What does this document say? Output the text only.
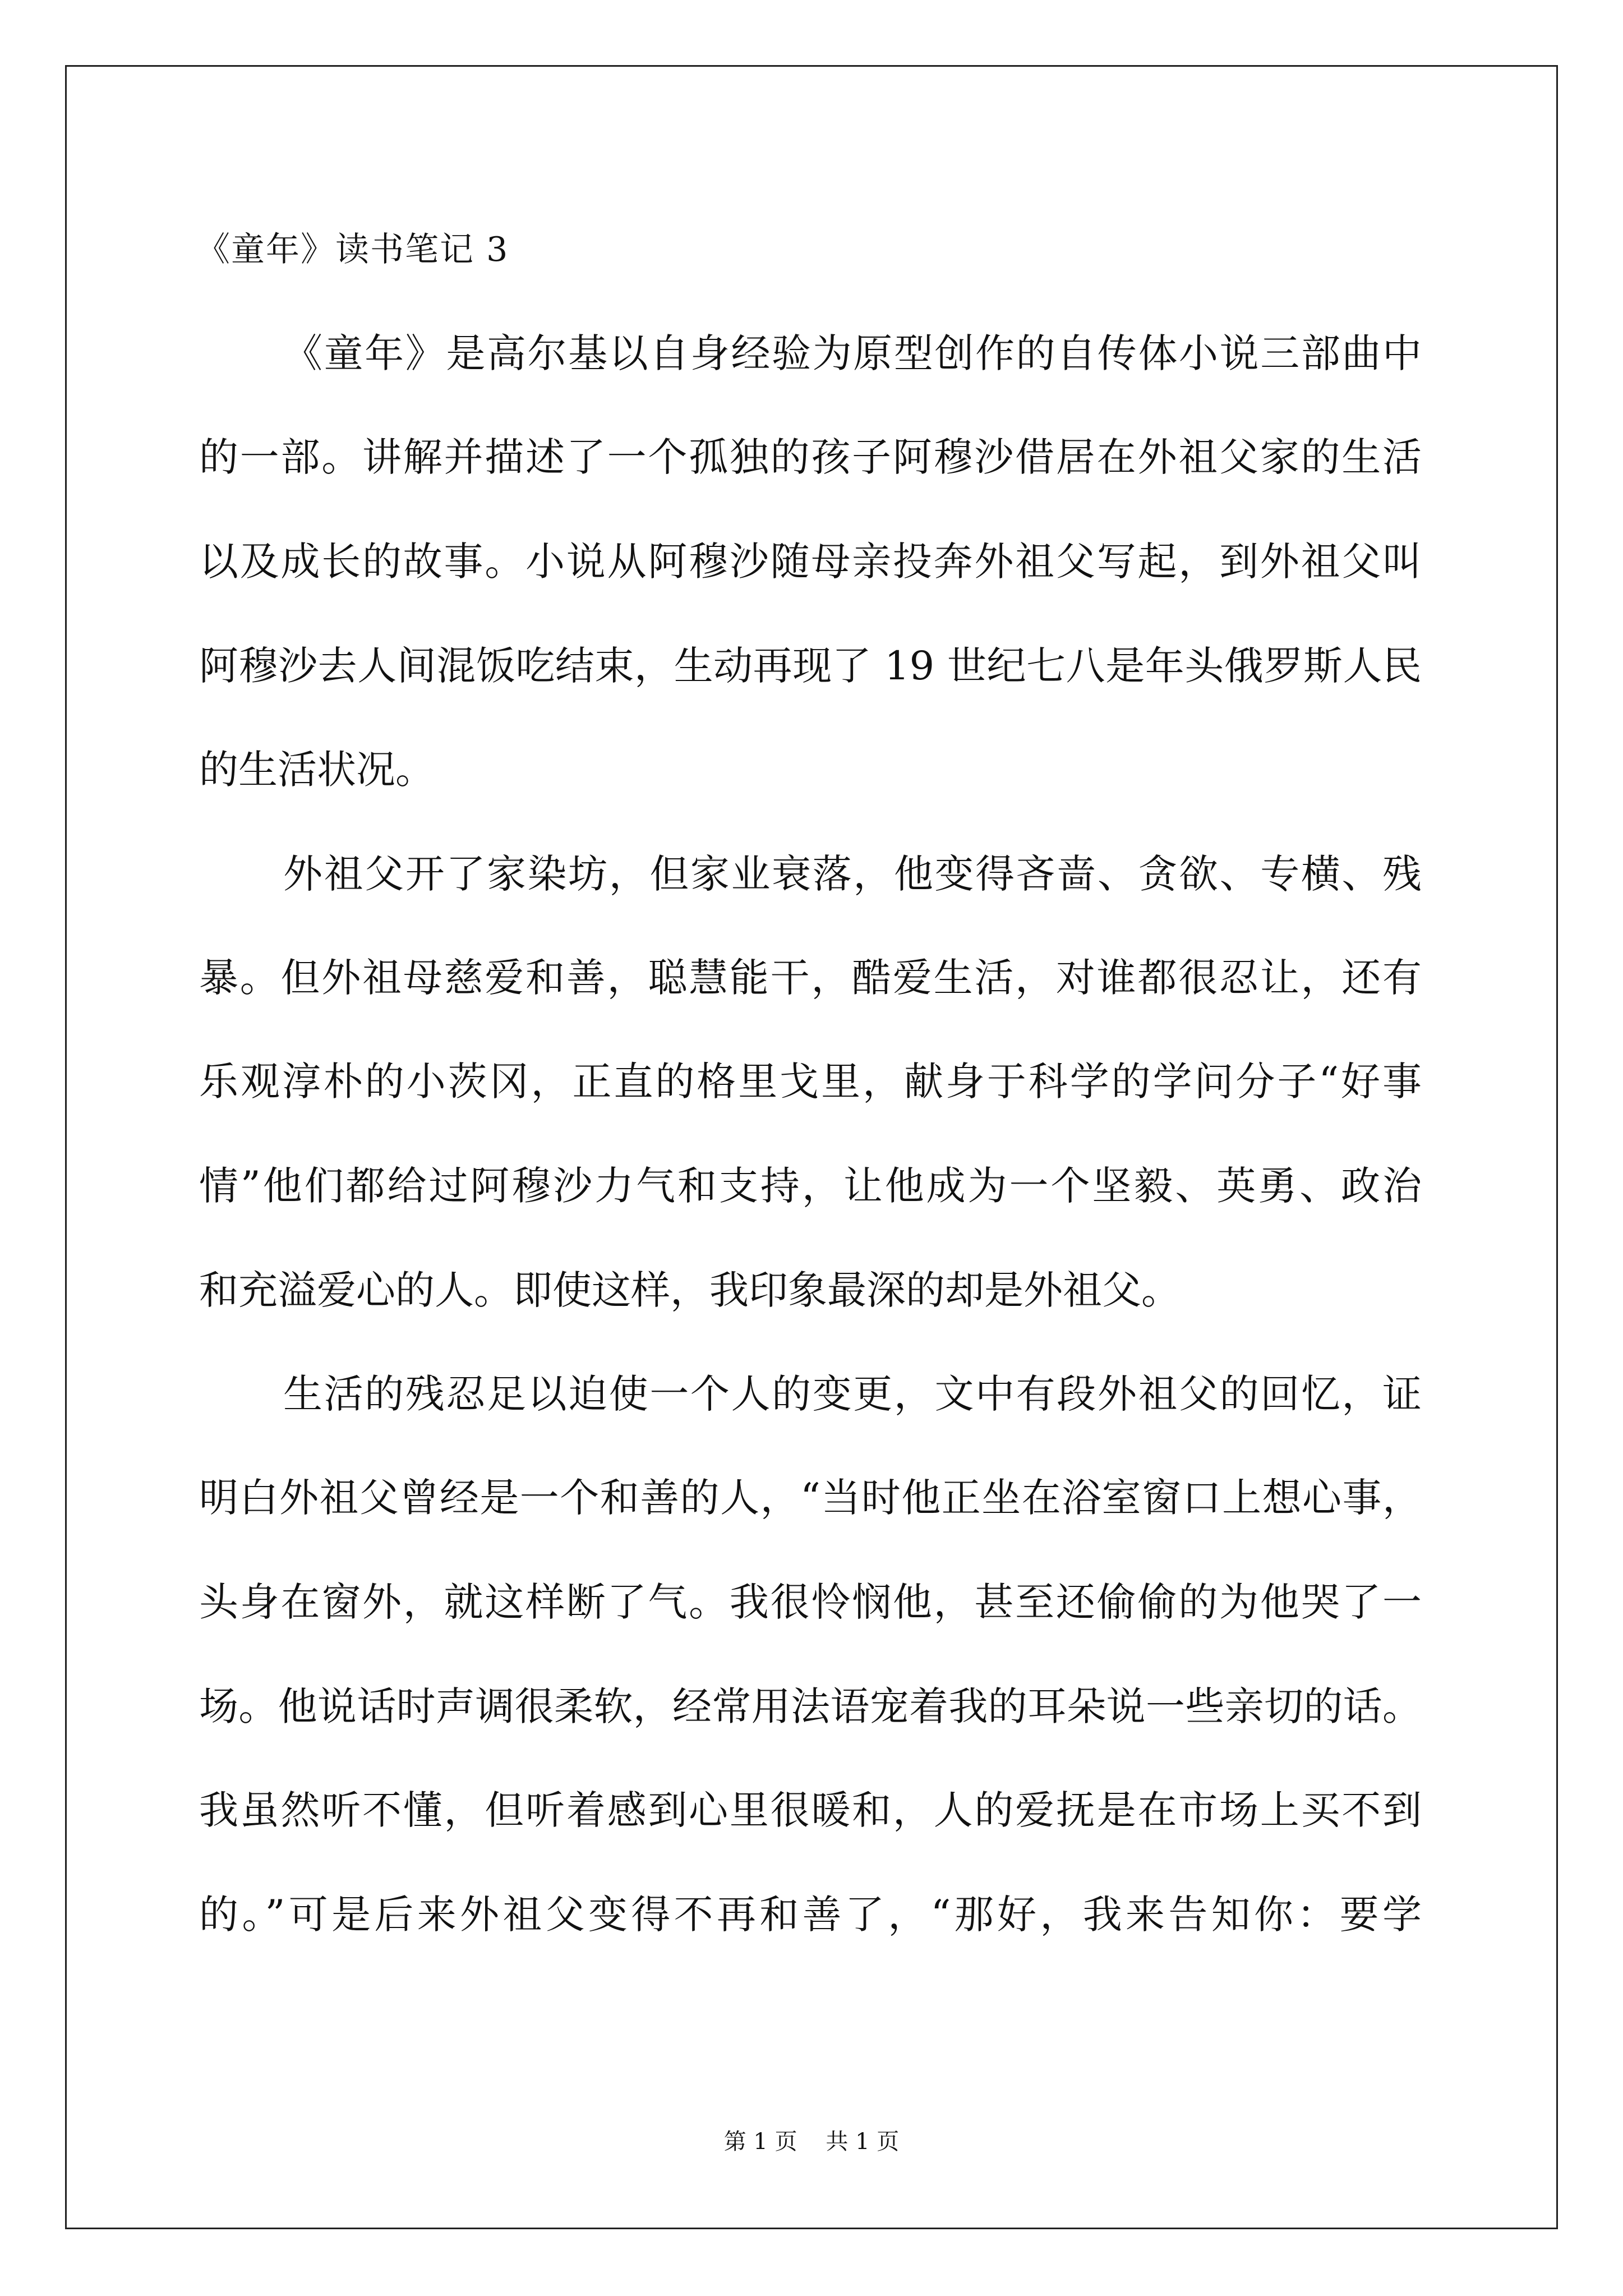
《童年》读书笔记 3

《童年》是高尔基以自身经验为原型创作的自传体小说三部曲中

的一部。讲解并描述了一个孤独的孩子阿穆沙借居在外祖父家的生活

以及成长的故事。小说从阿穆沙随母亲投奔外祖父写起，到外祖父叫

阿穆沙去人间混饭吃结束，生动再现了 19 世纪七八是年头俄罗斯人民

的生活状况。

外祖父开了家染坊，但家业衰落，他变得吝啬、贪欲、专横、残

暴。但外祖母慈爱和善，聪慧能干，酷爱生活，对谁都很忍让，还有

乐观淳朴的小茨冈，正直的格里戈里，献身于科学的学问分子“好事

情”他们都给过阿穆沙力气和支持，让他成为一个坚毅、英勇、政治

和充溢爱心的人。即使这样，我印象最深的却是外祖父。

生活的残忍足以迫使一个人的变更，文中有段外祖父的回忆，证

明白外祖父曾经是一个和善的人，“当时他正坐在浴室窗口上想心事，

头身在窗外，就这样断了气。我很怜悯他，甚至还偷偷的为他哭了一

场。他说话时声调很柔软，经常用法语宠着我的耳朵说一些亲切的话。

我虽然听不懂，但听着感到心里很暖和，人的爱抚是在市场上买不到

的。”可是后来外祖父变得不再和善了，“那好，我来告知你：要学

第 1 页    共 1 页
